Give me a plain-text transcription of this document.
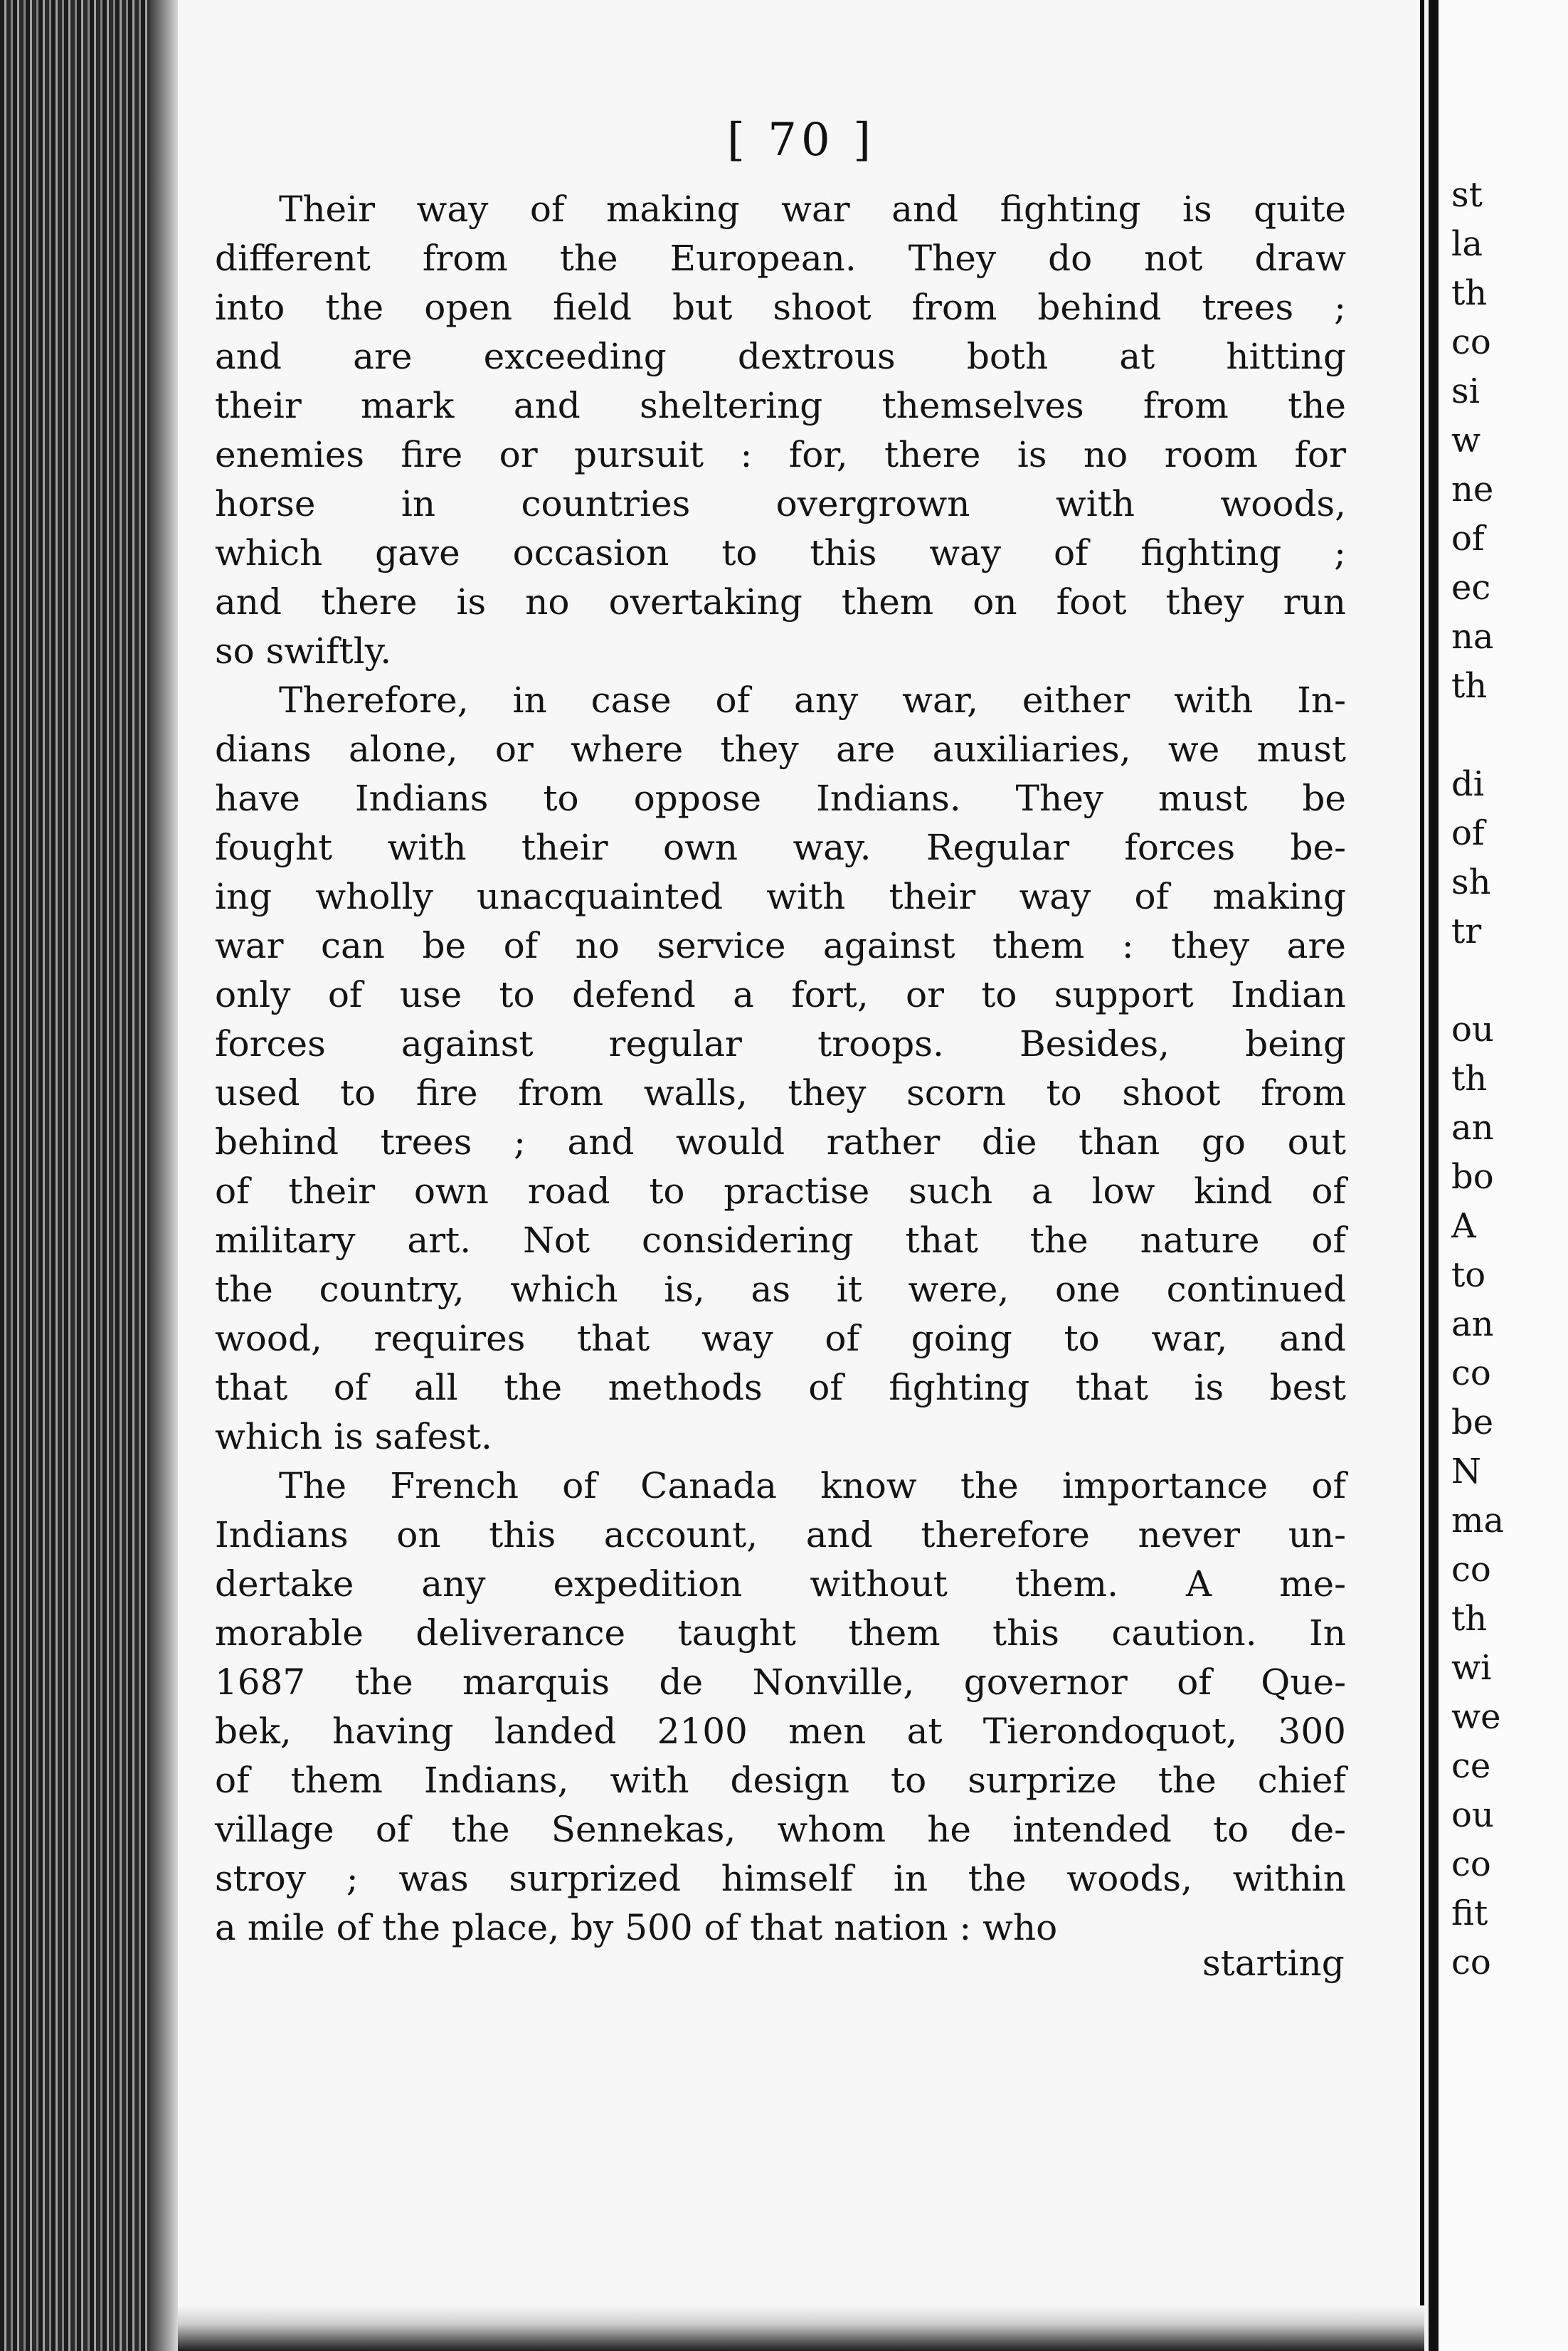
[ 70 ]
Their way of making war and fighting is quite
different from the European. They do not draw
into the open field but shoot from behind trees ;
and are exceeding dextrous both at hitting
their mark and sheltering themselves from the
enemies fire or pursuit : for, there is no room for
horse in countries overgrown with woods,
which gave occasion to this way of fighting ;
and there is no overtaking them on foot they run
so swiftly.
Therefore, in case of any war, either with In-
dians alone, or where they are auxiliaries, we must
have Indians to oppose Indians. They must be
fought with their own way. Regular forces be-
ing wholly unacquainted with their way of making
war can be of no service against them : they are
only of use to defend a fort, or to support Indian
forces against regular troops. Besides, being
used to fire from walls, they scorn to shoot from
behind trees ; and would rather die than go out
of their own road to practise such a low kind of
military art. Not considering that the nature of
the country, which is, as it were, one continued
wood, requires that way of going to war, and
that of all the methods of fighting that is best
which is safest.
The French of Canada know the importance of
Indians on this account, and therefore never un-
dertake any expedition without them. A me-
morable deliverance taught them this caution. In
1687 the marquis de Nonville, governor of Que-
bek, having landed 2100 men at Tierondoquot, 300
of them Indians, with design to surprize the chief
village of the Sennekas, whom he intended to de-
stroy ; was surprized himself in the woods, within
a mile of the place, by 500 of that nation : who
starting
st
la
th
co
si
w
ne
of
ec
na
th
di
of
sh
tr
ou
th
an
bo
A
to
an
co
be
N
ma
co
th
wi
we
ce
ou
co
fit
co
